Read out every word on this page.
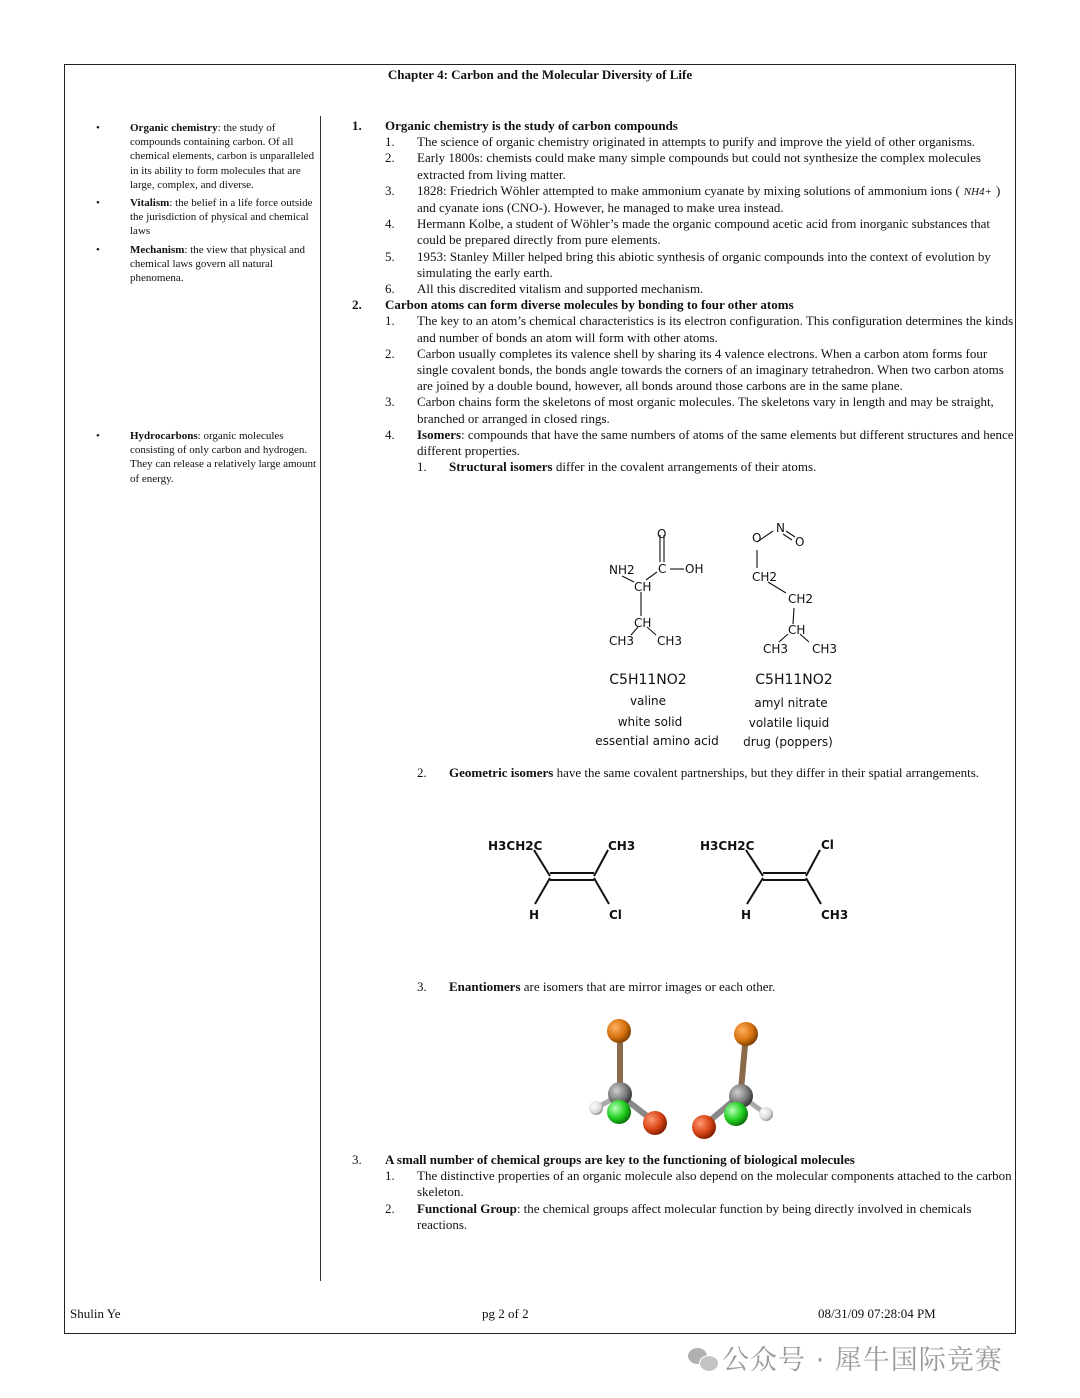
Chapter 4: Carbon and the Molecular Diversity of Life
•	Organic chemistry: the study of compounds containing carbon. Of all chemical elements, carbon is unparalleled in its ability to form molecules that are large, complex, and diverse.
•	Vitalism: the belief in a life force outside the jurisdiction of physical and chemical laws
•	Mechanism: the view that physical and chemical laws govern all natural phenomena.
•	Hydrocarbons: organic molecules consisting of only carbon and hydrogen. They can release a relatively large amount of energy.
1. Organic chemistry is the study of carbon compounds
1. The science of organic chemistry originated in attempts to purify and improve the yield of other organisms.
2. Early 1800s: chemists could make many simple compounds but could not synthesize the complex molecules extracted from living matter.
3. 1828: Friedrich Wöhler attempted to make ammonium cyanate by mixing solutions of ammonium ions ( NH4+ ) and cyanate ions (CNO-). However, he managed to make urea instead.
4. Hermann Kolbe, a student of Wöhler’s made the organic compound acetic acid from inorganic substances that could be prepared directly from pure elements.
5. 1953: Stanley Miller helped bring this abiotic synthesis of organic compounds into the context of evolution by simulating the early earth.
6. All this discredited vitalism and supported mechanism.
2. Carbon atoms can form diverse molecules by bonding to four other atoms
1. The key to an atom’s chemical characteristics is its electron configuration. This configuration determines the kinds and number of bonds an atom will form with other atoms.
2. Carbon usually completes its valence shell by sharing its 4 valence electrons. When a carbon atom forms four single covalent bonds, the bonds angle towards the corners of an imaginary tetrahedron. When two carbon atoms are joined by a double bound, however, all bonds around those carbons are in the same plane.
3. Carbon chains form the skeletons of most organic molecules. The skeletons vary in length and may be straight, branched or arranged in closed rings.
4. Isomers: compounds that have the same numbers of atoms of the same elements but different structures and hence different properties.
1. Structural isomers differ in the covalent arrangements of their atoms.
O
NH2 C OH
CH
CH
CH3 CH3
N
O	O
CH2
CH2
CH
CH3 CH3
C5H11NO2	C5H11NO2
valine
white solid
essential amino acid
amyl nitrate
volatile liquid
drug (poppers)
2. Geometric isomers have the same covalent partnerships, but they differ in their spatial arrangements.
H3CH2C	CH3
H	Cl
H3CH2C	Cl
H	CH3
3. Enantiomers are isomers that are mirror images or each other.
3. A small number of chemical groups are key to the functioning of biological molecules
1. The distinctive properties of an organic molecule also depend on the molecular components attached to the carbon skeleton.
2. Functional Group: the chemical groups affect molecular function by being directly involved in chemicals reactions.
Shulin Ye	pg 2 of 2	08/31/09 07:28:04 PM
公众号 · 犀牛国际竞赛
